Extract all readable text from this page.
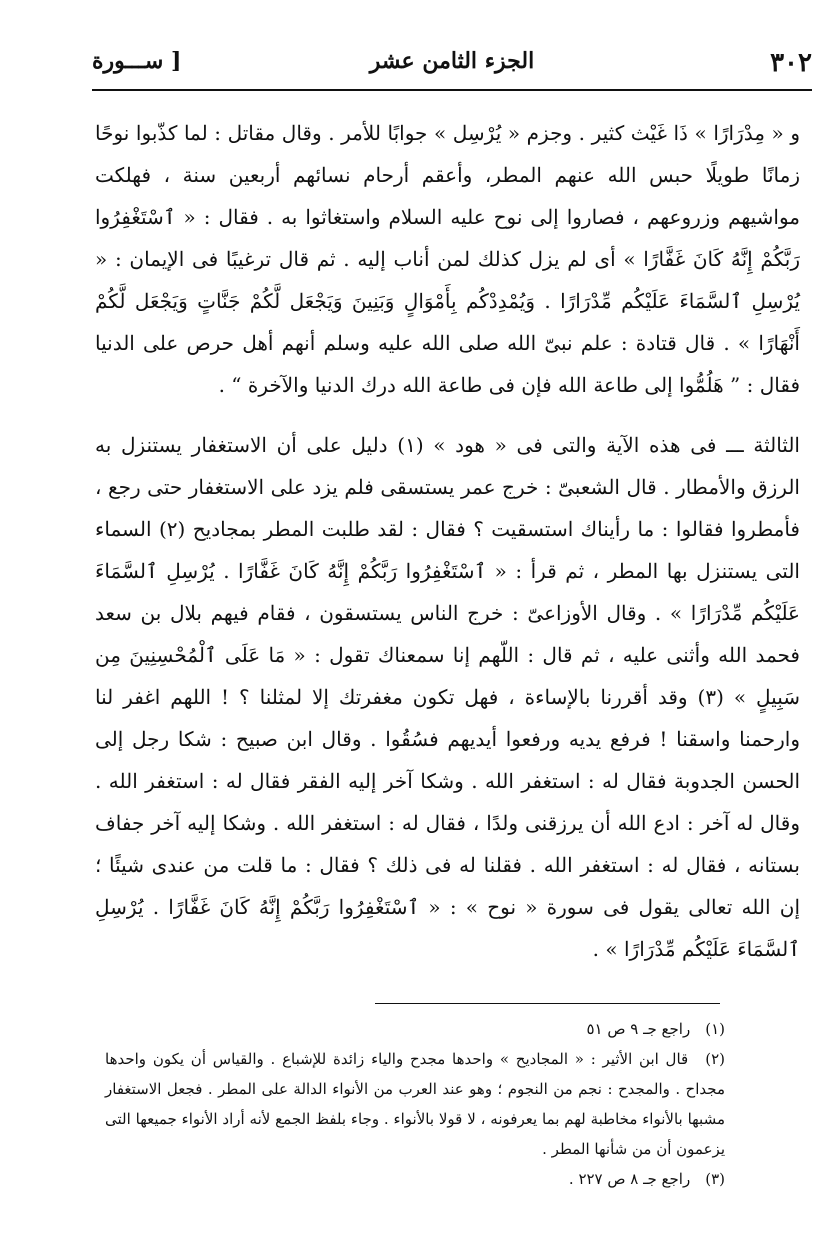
٣٠٢
الجزء الثامن عشر
[ ســـورة

و « مِدْرَارًا » ذَا غَيْث كثير . وجزم « يُرْسِل » جوابًا للأمر . وقال مقاتل : لما كذّبوا نوحًا زمانًا طويلًا حبس الله عنهم المطر، وأعقم أرحام نسائهم أربعين سنة ، فهلكت مواشيهم وزروعهم ، فصاروا إلى نوح عليه السلام واستغاثوا به . فقال : « ٱسْتَغْفِرُوا رَبَّكُمْ إِنَّهُ كَانَ غَفَّارًا » أى لم يزل كذلك لمن أناب إليه . ثم قال ترغيبًا فى الإيمان : « يُرْسِلِ ٱلسَّمَاءَ عَلَيْكُم مِّدْرَارًا . وَيُمْدِدْكُم بِأَمْوَالٍ وَبَنِينَ وَيَجْعَل لَّكُمْ جَنَّاتٍ وَيَجْعَل لَّكُمْ أَنْهَارًا » . قال قتادة : علم نبىّ الله صلى الله عليه وسلم أنهم أهل حرص على الدنيا فقال : ” هَلُمُّوا إلى طاعة الله فإن فى طاعة الله درك الدنيا والآخرة “ .

الثالثة ـــ فى هذه الآية والتى فى « هود » (١) دليل على أن الاستغفار يستنزل به الرزق والأمطار . قال الشعبىّ : خرج عمر يستسقى فلم يزد على الاستغفار حتى رجع ، فأمطروا فقالوا : ما رأيناك استسقيت ؟ فقال : لقد طلبت المطر بمجاديح (٢) السماء التى يستنزل بها المطر ، ثم قرأ : « ٱسْتَغْفِرُوا رَبَّكُمْ إِنَّهُ كَانَ غَفَّارًا . يُرْسِلِ ٱلسَّمَاءَ عَلَيْكُم مِّدْرَارًا » . وقال الأوزاعىّ : خرج الناس يستسقون ، فقام فيهم بلال بن سعد فحمد الله وأثنى عليه ، ثم قال : اللّهم إنا سمعناك تقول : « مَا عَلَى ٱلْمُحْسِنِينَ مِن سَبِيلٍ » (٣) وقد أقررنا بالإساءة ، فهل تكون مغفرتك إلا لمثلنا ؟ ! اللهم اغفر لنا وارحمنا واسقنا ! فرفع يديه ورفعوا أيديهم فسُقُوا . وقال ابن صبيح : شكا رجل إلى الحسن الجدوبة فقال له : استغفر الله . وشكا آخر إليه الفقر فقال له : استغفر الله . وقال له آخر : ادع الله أن يرزقنى ولدًا ، فقال له : استغفر الله . وشكا إليه آخر جفاف بستانه ، فقال له : استغفر الله . فقلنا له فى ذلك ؟ فقال : ما قلت من عندى شيئًا ؛ إن الله تعالى يقول فى سورة « نوح » : « ٱسْتَغْفِرُوا رَبَّكُمْ إِنَّهُ كَانَ غَفَّارًا . يُرْسِلِ ٱلسَّمَاءَ عَلَيْكُم مِّدْرَارًا » .

(١) راجع جـ ٩ ص ٥١

(٢) قال ابن الأثير : « المجاديح » واحدها مجدح والياء زائدة للإشباع . والقياس أن يكون واحدها مجداح . والمجدح : نجم من النجوم ؛ وهو عند العرب من الأنواء الدالة على المطر . فجعل الاستغفار مشبها بالأنواء مخاطبة لهم بما يعرفونه ، لا قولا بالأنواء . وجاء بلفظ الجمع لأنه أراد الأنواء جميعها التى يزعمون أن من شأنها المطر .

(٣) راجع جـ ٨ ص ٢٢٧ .
